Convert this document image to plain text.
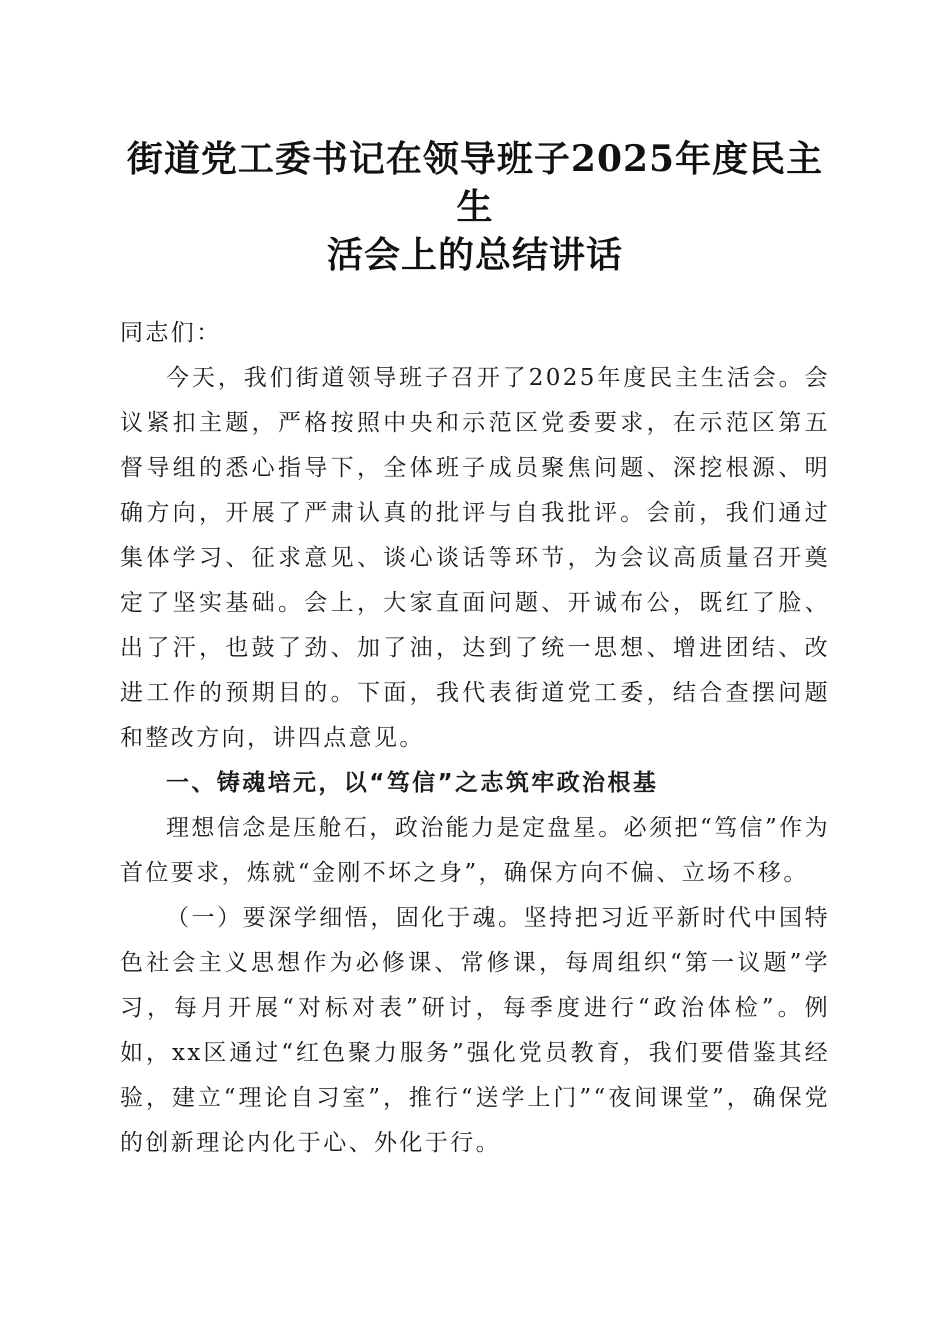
街道党工委书记在领导班子2025年度民主生
活会上的总结讲话

同志们：

今天，我们街道领导班子召开了2025年度民主生活会。会议紧扣主题，严格按照中央和示范区党委要求，在示范区第五督导组的悉心指导下，全体班子成员聚焦问题、深挖根源、明确方向，开展了严肃认真的批评与自我批评。会前，我们通过集体学习、征求意见、谈心谈话等环节，为会议高质量召开奠定了坚实基础。会上，大家直面问题、开诚布公，既红了脸、出了汗，也鼓了劲、加了油，达到了统一思想、增进团结、改进工作的预期目的。下面，我代表街道党工委，结合查摆问题和整改方向，讲四点意见。

一、铸魂培元，以“笃信”之志筑牢政治根基

理想信念是压舱石，政治能力是定盘星。必须把“笃信”作为首位要求，炼就“金刚不坏之身”，确保方向不偏、立场不移。

（一）要深学细悟，固化于魂。坚持把习近平新时代中国特色社会主义思想作为必修课、常修课，每周组织“第一议题”学习，每月开展“对标对表”研讨，每季度进行“政治体检”。例如，xx区通过“红色聚力服务”强化党员教育，我们要借鉴其经验，建立“理论自习室”，推行“送学上门”“夜间课堂”，确保党的创新理论内化于心、外化于行。
